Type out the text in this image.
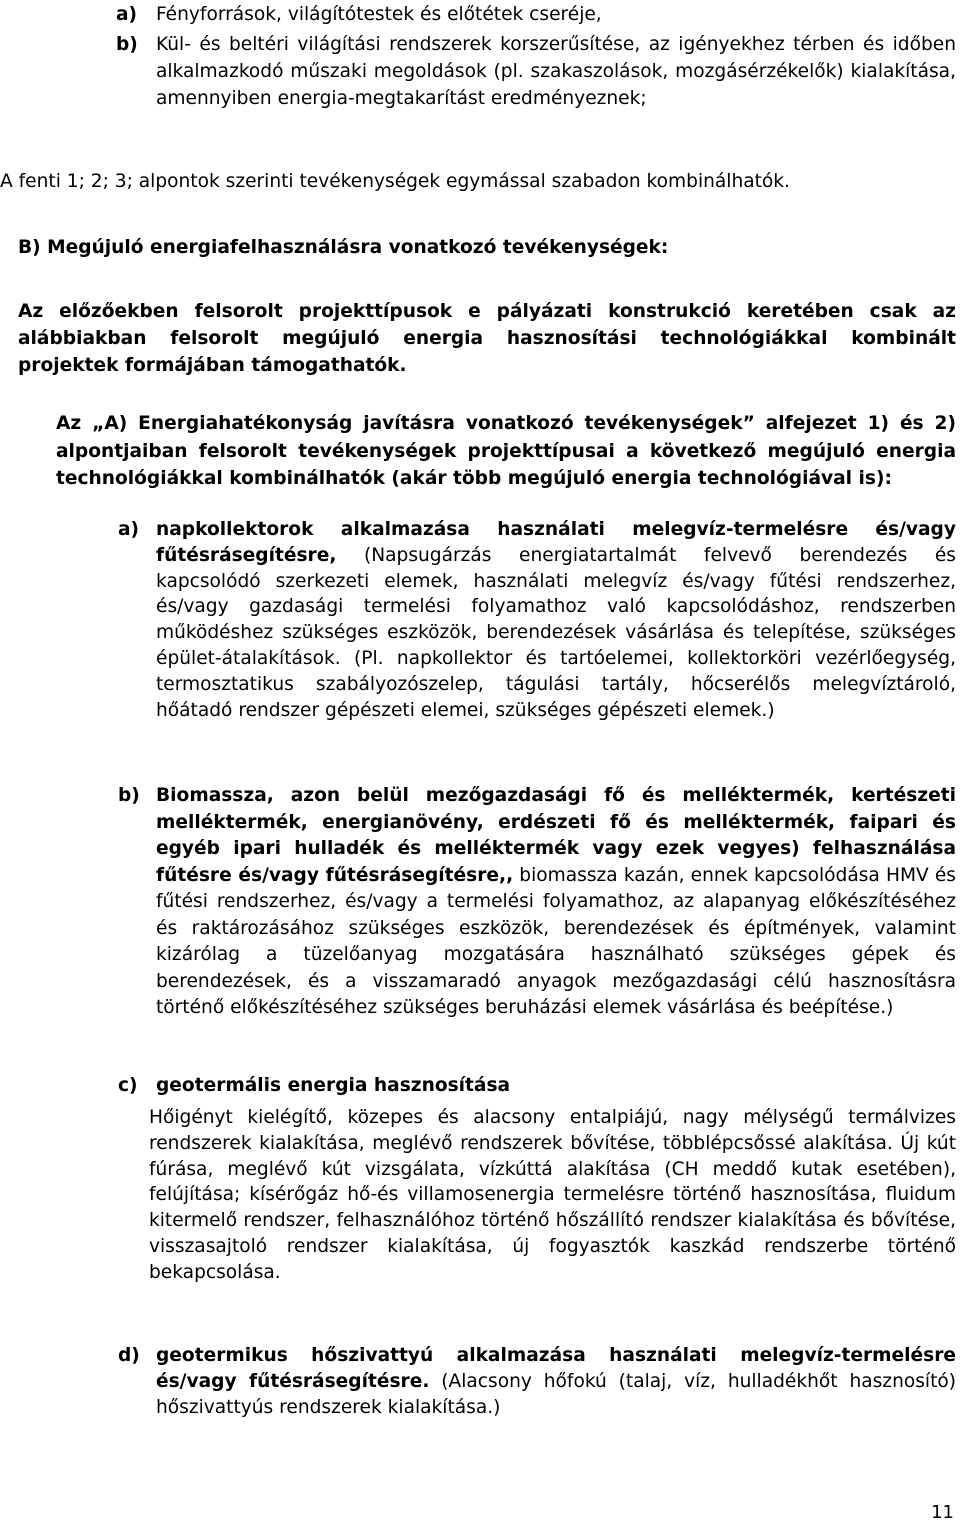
a)	Fényforrások, világítótestek és előtétek cseréje,
b) Kül- és beltéri világítási rendszerek korszerűsítése, az igényekhez térben és időben alkalmazkodó műszaki megoldások (pl. szakaszolások, mozgásérzékelők) kialakítása, amennyiben energia-megtakarítást eredményeznek;
A fenti 1; 2; 3; alpontok szerinti tevékenységek egymással szabadon kombinálhatók.
B) Megújuló energiafelhasználásra vonatkozó tevékenységek:
Az előzőekben felsorolt projekttípusok e pályázati konstrukció keretében csak az alábbiakban felsorolt megújuló energia hasznosítási technológiákkal kombinált projektek formájában támogathatók.
Az „A) Energiahatékonyság javításra vonatkozó tevékenységek” alfejezet 1) és 2) alpontjaiban felsorolt tevékenységek projekttípusai a következő megújuló energia technológiákkal kombinálhatók (akár több megújuló energia technológiával is):
a) napkollektorok alkalmazása használati melegvíz-termelésre és/vagy fűtésrásegítésre, (Napsugárzás energiatartalmát felvevő berendezés és kapcsolódó szerkezeti elemek, használati melegvíz és/vagy fűtési rendszerhez, és/vagy gazdasági termelési folyamathoz való kapcsolódáshoz, rendszerben működéshez szükséges eszközök, berendezések vásárlása és telepítése, szükséges épület-átalakítások. (Pl. napkollektor és tartóelemei, kollektorköri vezérlőegység, termosztatikus szabályozószelep, tágulási tartály, hőcserélős melegvíztároló, hőátadó rendszer gépészeti elemei, szükséges gépészeti elemek.)
b) Biomassza, azon belül mezőgazdasági fő és melléktermék, kertészeti melléktermék, energianövény, erdészeti fő és melléktermék, faipari és egyéb ipari hulladék és melléktermék vagy ezek vegyes) felhasználása fűtésre és/vagy fűtésrásegítésre,, biomassza kazán, ennek kapcsolódása HMV és fűtési rendszerhez, és/vagy a termelési folyamathoz, az alapanyag előkészítéséhez és raktározásához szükséges eszközök, berendezések és építmények, valamint kizárólag a tüzelőanyag mozgatására használható szükséges gépek és berendezések, és a visszamaradó anyagok mezőgazdasági célú hasznosításra történő előkészítéséhez szükséges beruházási elemek vásárlása és beépítése.)
c) geotermális energia hasznosítása
Hőigényt kielégítő, közepes és alacsony entalpiájú, nagy mélységű termálvizes rendszerek kialakítása, meglévő rendszerek bővítése, többlépcsőssé alakítása. Új kút fúrása, meglévő kút vizsgálata, vízkúttá alakítása (CH meddő kutak esetében), felújítása; kísérőgáz hő-és villamosenergia termelésre történő hasznosítása, fluidum kitermelő rendszer, felhasználóhoz történő hőszállító rendszer kialakítása és bővítése, visszasajtoló rendszer kialakítása, új fogyasztók kaszkád rendszerbe történő bekapcsolása.
d) geotermikus hőszivattyú alkalmazása használati melegvíz-termelésre és/vagy fűtésrásegítésre. (Alacsony hőfokú (talaj, víz, hulladékhőt hasznosító) hőszivattyús rendszerek kialakítása.)
11
